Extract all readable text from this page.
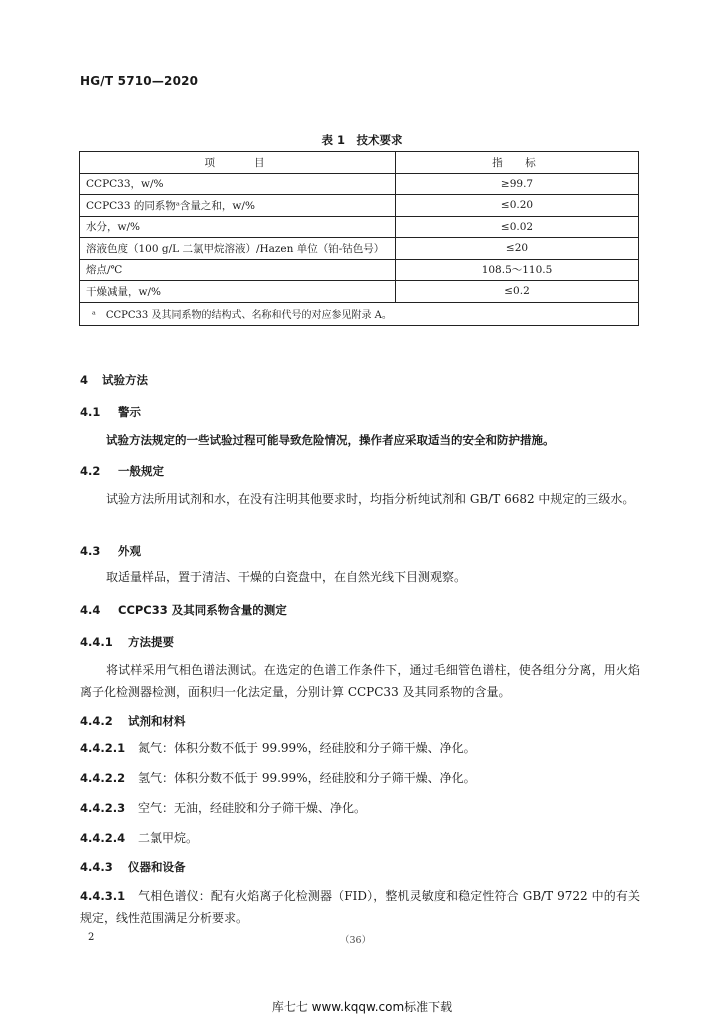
HG/T 5710—2020
表 1　技术要求
项　　目	指　标
CCPC33，w/%	≥99.7
CCPC33 的同系物ᵃ含量之和，w/%	≤0.20
水分，w/%	≤0.02
溶液色度（100 g/L 二氯甲烷溶液）/Hazen 单位（铂-钴色号）	≤20
熔点/℃	108.5～110.5
干燥减量，w/%	≤0.2
ᵃ　CCPC33 及其同系物的结构式、名称和代号的对应参见附录 A。	
4 试验方法
4.1 警示
试验方法规定的一些试验过程可能导致危险情况，操作者应采取适当的安全和防护措施。
4.2 一般规定
试验方法所用试剂和水，在没有注明其他要求时，均指分析纯试剂和 GB/T 6682 中规定的三级水。
4.3 外观
取适量样品，置于清洁、干燥的白瓷盘中，在自然光线下目测观察。
4.4 CCPC33 及其同系物含量的测定
4.4.1 方法提要
将试样采用气相色谱法测试。在选定的色谱工作条件下，通过毛细管色谱柱，使各组分分离，用火焰离子化检测器检测，面积归一化法定量，分别计算 CCPC33 及其同系物的含量。
4.4.2 试剂和材料
4.4.2.1 氮气：体积分数不低于 99.99%，经硅胶和分子筛干燥、净化。
4.4.2.2 氢气：体积分数不低于 99.99%，经硅胶和分子筛干燥、净化。
4.4.2.3 空气：无油，经硅胶和分子筛干燥、净化。
4.4.2.4 二氯甲烷。
4.4.3 仪器和设备
4.4.3.1 气相色谱仪：配有火焰离子化检测器（FID），整机灵敏度和稳定性符合 GB/T 9722 中的有关规定，线性范围满足分析要求。
2	（36）
库七七 www.kqqw.com标准下载
